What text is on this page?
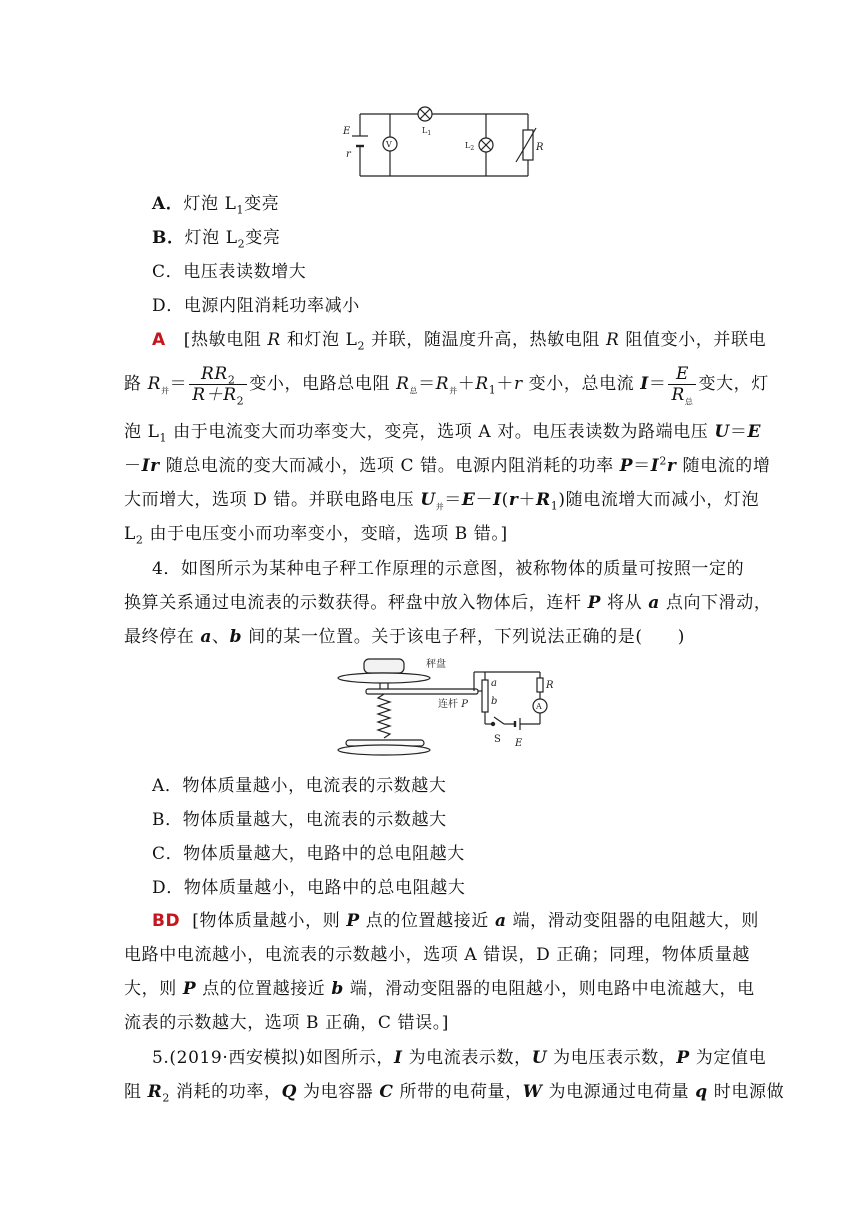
E
r
V
$L_1$
$L_2$	R
A．灯泡 $L_1$变亮
B．灯泡 $L_2$变亮
C．电压表读数增大
D．电源内阻消耗功率减小
A [热敏电阻 R 和灯泡 $L_2$ 并联，随温度升高，热敏电阻 R 阻值变小，并联电
路 $R_并= \frac{RR_2}{R+R_2}$ 变小，电路总电阻 $R_总=R_并+R_1+r$ 变小，总电流 $I= \frac{E}{R_总}$ 变大，灯
泡 $L_1$ 由于电流变大而功率变大，变亮，选项 A 对。电压表读数为路端电压 U＝E
－Ir 随总电流的变大而减小，选项 C 错。电源内阻消耗的功率 $P=I^2r$ 随电流的增
大而增大，选项 D 错。并联电路电压 $U_并=E-I(r+R_1)$随电流增大而减小，灯泡
$L_2$ 由于电压变小而功率变小，变暗，选项 B 错。]
4．如图所示为某种电子秤工作原理的示意图，被称物体的质量可按照一定的
换算关系通过电流表的示数获得。秤盘中放入物体后，连杆 P 将从 a 点向下滑动，
最终停在 a、b 间的某一位置。关于该电子秤，下列说法正确的是(　　)
秤盘
连杆 P
a
b
R
A
S E
A．物体质量越小，电流表的示数越大
B．物体质量越大，电流表的示数越大
C．物体质量越大，电路中的总电阻越大
D．物体质量越小，电路中的总电阻越大
BD [物体质量越小，则 P 点的位置越接近 a 端，滑动变阻器的电阻越大，则
电路中电流越小，电流表的示数越小，选项 A 错误，D 正确；同理，物体质量越
大，则 P 点的位置越接近 b 端，滑动变阻器的电阻越小，则电路中电流越大，电
流表的示数越大，选项 B 正确，C 错误。]
5.(2019·西安模拟)如图所示，I 为电流表示数，U 为电压表示数，P 为定值电
阻 $R_2$ 消耗的功率，Q 为电容器 C 所带的电荷量，W 为电源通过电荷量 q 时电源做
